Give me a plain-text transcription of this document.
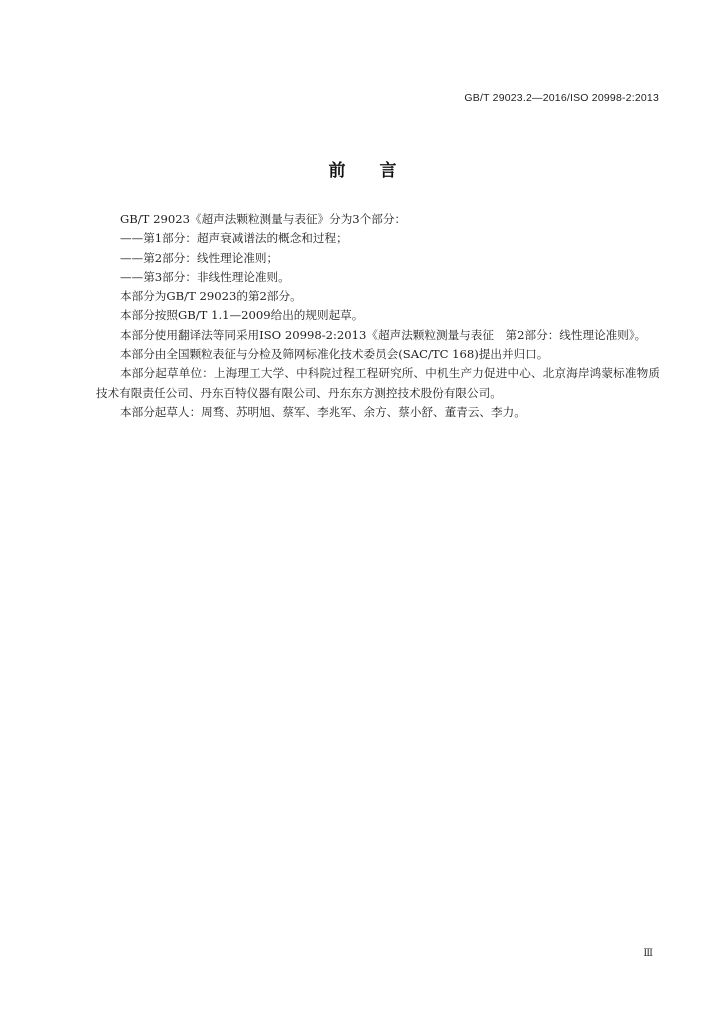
GB/T 29023.2—2016/ISO 20998-2:2013
前 言

GB/T 29023《超声法颗粒测量与表征》分为3个部分：

——第1部分：超声衰减谱法的概念和过程；

——第2部分：线性理论准则；

——第3部分：非线性理论准则。

本部分为GB/T 29023的第2部分。

本部分按照GB/T 1.1—2009给出的规则起草。

本部分使用翻译法等同采用ISO 20998-2:2013《超声法颗粒测量与表征　第2部分：线性理论准则》。

本部分由全国颗粒表征与分检及筛网标准化技术委员会(SAC/TC 168)提出并归口。

本部分起草单位：上海理工大学、中科院过程工程研究所、中机生产力促进中心、北京海岸鸿蒙标准物质技术有限责任公司、丹东百特仪器有限公司、丹东东方测控技术股份有限公司。

本部分起草人：周骛、苏明旭、蔡军、李兆军、余方、蔡小舒、董青云、李力。

Ⅲ
